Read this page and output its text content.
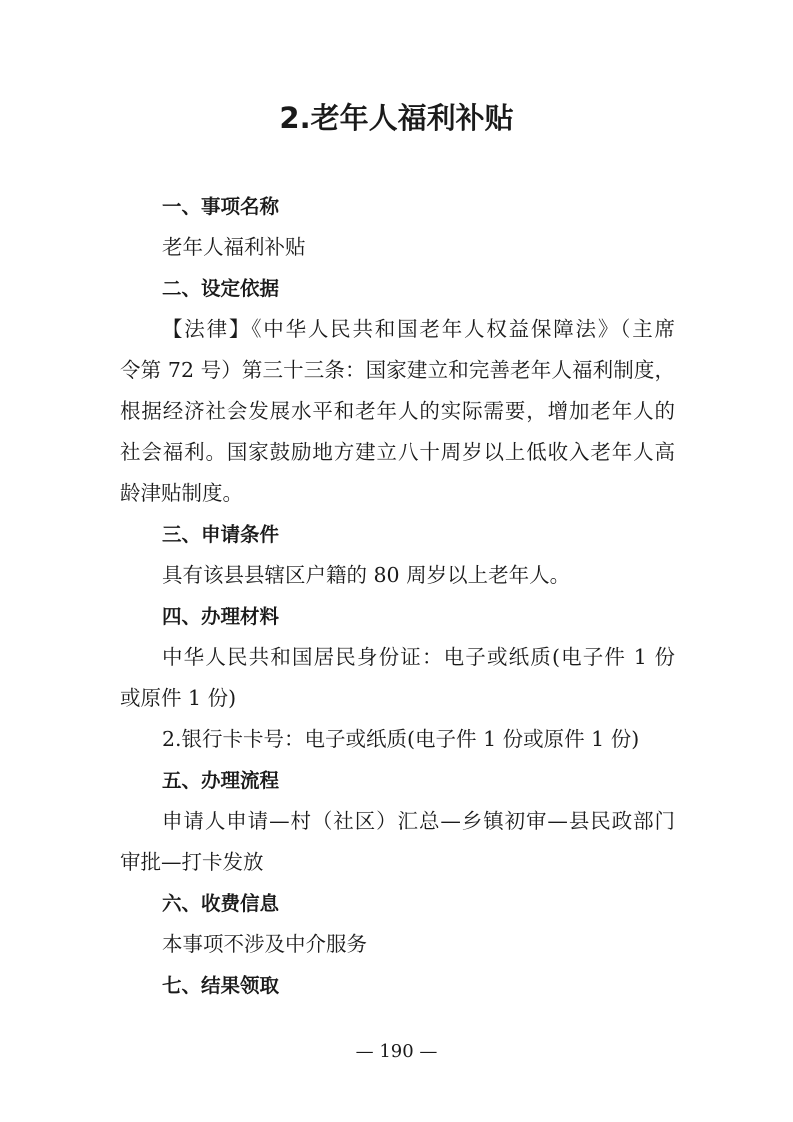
2.老年人福利补贴

一、事项名称

老年人福利补贴

二、设定依据

【法律】《中华人民共和国老年人权益保障法》（主席

令第 72 号）第三十三条：国家建立和完善老年人福利制度，

根据经济社会发展水平和老年人的实际需要，增加老年人的

社会福利。国家鼓励地方建立八十周岁以上低收入老年人高

龄津贴制度。

三、申请条件

具有该县县辖区户籍的 80 周岁以上老年人。

四、办理材料

中华人民共和国居民身份证：电子或纸质(电子件 1 份

或原件 1 份)

2.银行卡卡号：电子或纸质(电子件 1 份或原件 1 份)

五、办理流程

申请人申请—村（社区）汇总—乡镇初审—县民政部门

审批—打卡发放

六、收费信息

本事项不涉及中介服务

七、结果领取

— 190 —
